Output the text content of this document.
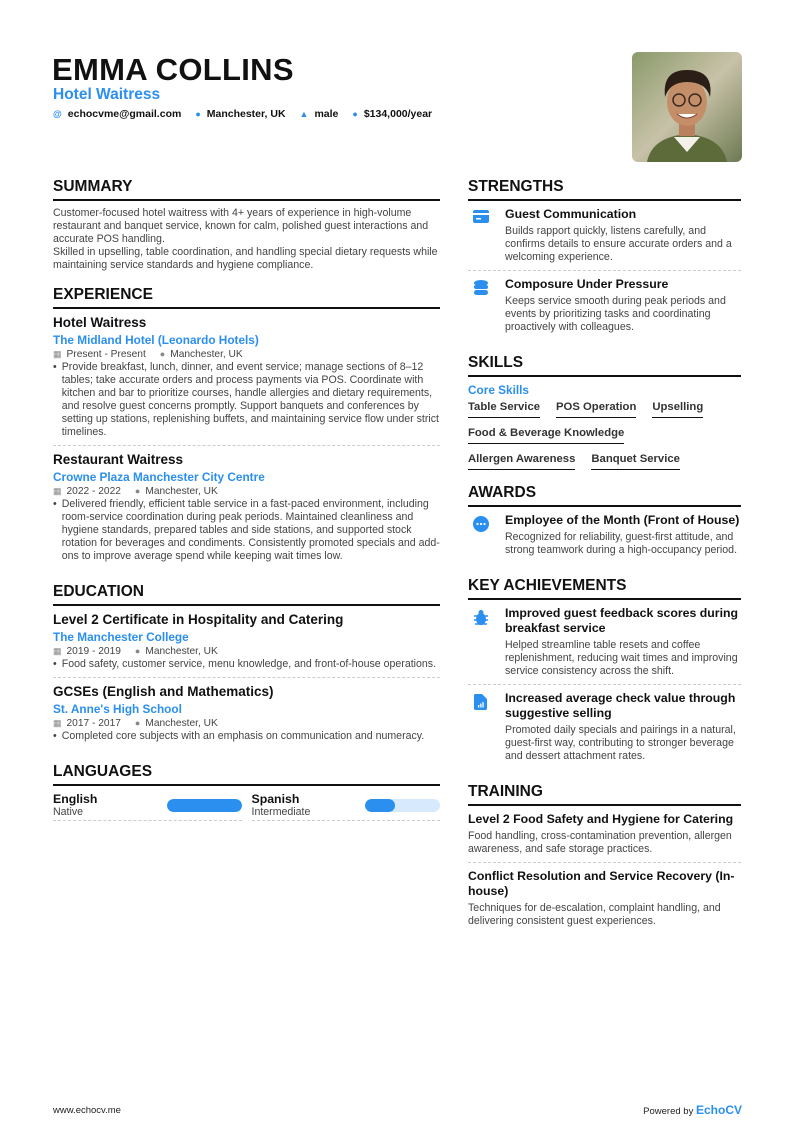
EMMA COLLINS
Hotel Waitress
@ echocvme@gmail.com ● Manchester, UK ▲ male ● $134,000/year
SUMMARY
Customer-focused hotel waitress with 4+ years of experience in high-volume restaurant and banquet service, known for calm, polished guest interactions and accurate POS handling.
Skilled in upselling, table coordination, and handling special dietary requests while maintaining service standards and hygiene compliance.
EXPERIENCE
Hotel Waitress
The Midland Hotel (Leonardo Hotels)
▦ Present - Present ● Manchester, UK
• Provide breakfast, lunch, dinner, and event service; manage sections of 8–12 tables; take accurate orders and process payments via POS. Coordinate with kitchen and bar to prioritize courses, handle allergies and dietary requirements, and resolve guest concerns promptly. Support banquets and conferences by setting up stations, replenishing buffets, and maintaining service flow under strict timelines.
Restaurant Waitress
Crowne Plaza Manchester City Centre
▦ 2022 - 2022 ● Manchester, UK
• Delivered friendly, efficient table service in a fast-paced environment, including room-service coordination during peak periods. Maintained cleanliness and hygiene standards, prepared tables and side stations, and supported stock rotation for beverages and condiments. Consistently promoted specials and add-ons to improve average spend while keeping wait times low.
EDUCATION
Level 2 Certificate in Hospitality and Catering
The Manchester College
▦ 2019 - 2019 ● Manchester, UK
• Food safety, customer service, menu knowledge, and front-of-house operations.
GCSEs (English and Mathematics)
St. Anne's High School
▦ 2017 - 2017 ● Manchester, UK
• Completed core subjects with an emphasis on communication and numeracy.
LANGUAGES
English
Native
Spanish
Intermediate
STRENGTHS
Guest Communication
Builds rapport quickly, listens carefully, and confirms details to ensure accurate orders and a welcoming experience.
Composure Under Pressure
Keeps service smooth during peak periods and events by prioritizing tasks and coordinating proactively with colleagues.
SKILLS
Core Skills
Table Service POS Operation Upselling
Food & Beverage Knowledge
Allergen Awareness Banquet Service
AWARDS
Employee of the Month (Front of House)
Recognized for reliability, guest-first attitude, and strong teamwork during a high-occupancy period.
KEY ACHIEVEMENTS
Improved guest feedback scores during breakfast service
Helped streamline table resets and coffee replenishment, reducing wait times and improving service consistency across the shift.
Increased average check value through suggestive selling
Promoted daily specials and pairings in a natural, guest-first way, contributing to stronger beverage and dessert attachment rates.
TRAINING
Level 2 Food Safety and Hygiene for Catering
Food handling, cross-contamination prevention, allergen awareness, and safe storage practices.
Conflict Resolution and Service Recovery (In-house)
Techniques for de-escalation, complaint handling, and delivering consistent guest experiences.
www.echocv.me	Powered by EchoCV
